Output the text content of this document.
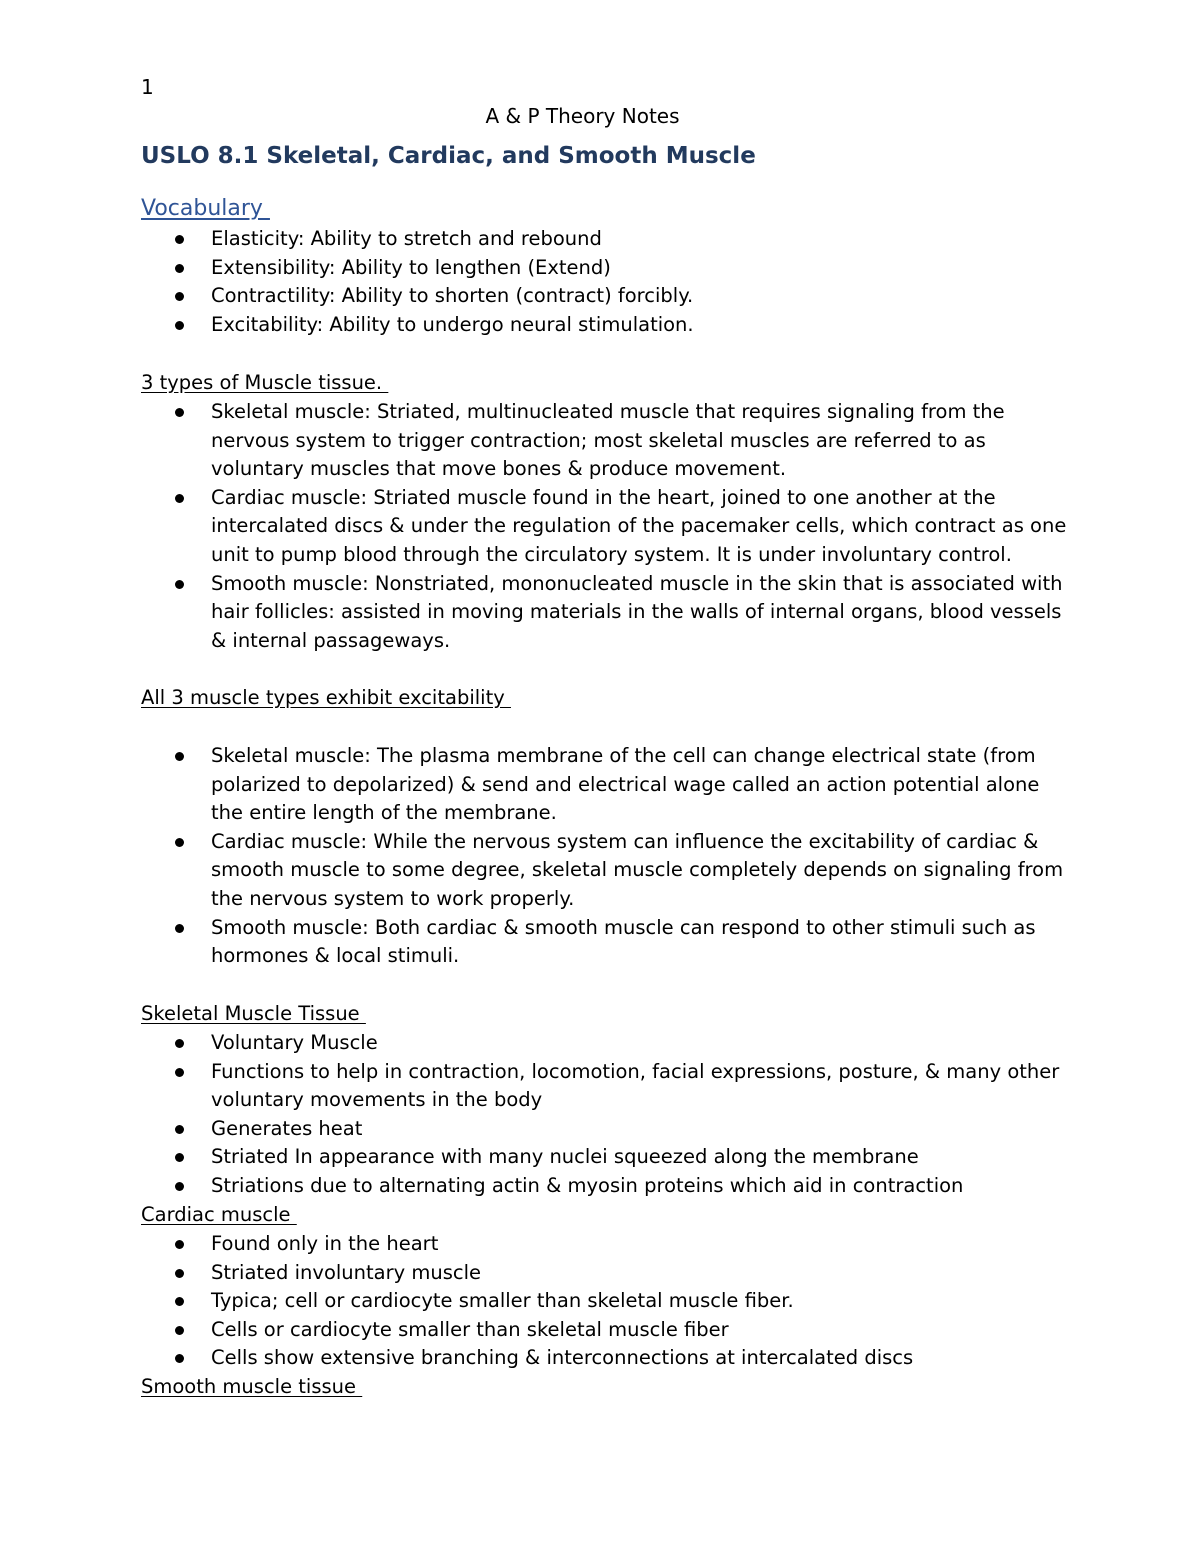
1
A & P Theory Notes
USLO 8.1 Skeletal, Cardiac, and Smooth Muscle
Vocabulary
Elasticity: Ability to stretch and rebound
Extensibility: Ability to lengthen (Extend)
Contractility: Ability to shorten (contract) forcibly.
Excitability: Ability to undergo neural stimulation.
3 types of Muscle tissue.
Skeletal muscle: Striated, multinucleated muscle that requires signaling from the nervous system to trigger contraction; most skeletal muscles are referred to as voluntary muscles that move bones & produce movement.
Cardiac muscle: Striated muscle found in the heart, joined to one another at the intercalated discs & under the regulation of the pacemaker cells, which contract as one unit to pump blood through the circulatory system. It is under involuntary control.
Smooth muscle: Nonstriated, mononucleated muscle in the skin that is associated with hair follicles: assisted in moving materials in the walls of internal organs, blood vessels & internal passageways.
All 3 muscle types exhibit excitability
Skeletal muscle: The plasma membrane of the cell can change electrical state (from polarized to depolarized) & send and electrical wage called an action potential alone the entire length of the membrane.
Cardiac muscle: While the nervous system can influence the excitability of cardiac & smooth muscle to some degree, skeletal muscle completely depends on signaling from the nervous system to work properly.
Smooth muscle: Both cardiac & smooth muscle can respond to other stimuli such as hormones & local stimuli.
Skeletal Muscle Tissue
Voluntary Muscle
Functions to help in contraction, locomotion, facial expressions, posture, & many other voluntary movements in the body
Generates heat
Striated In appearance with many nuclei squeezed along the membrane
Striations due to alternating actin & myosin proteins which aid in contraction
Cardiac muscle
Found only in the heart
Striated involuntary muscle
Typica; cell or cardiocyte smaller than skeletal muscle fiber.
Cells or cardiocyte smaller than skeletal muscle fiber
Cells show extensive branching & interconnections at intercalated discs
Smooth muscle tissue
